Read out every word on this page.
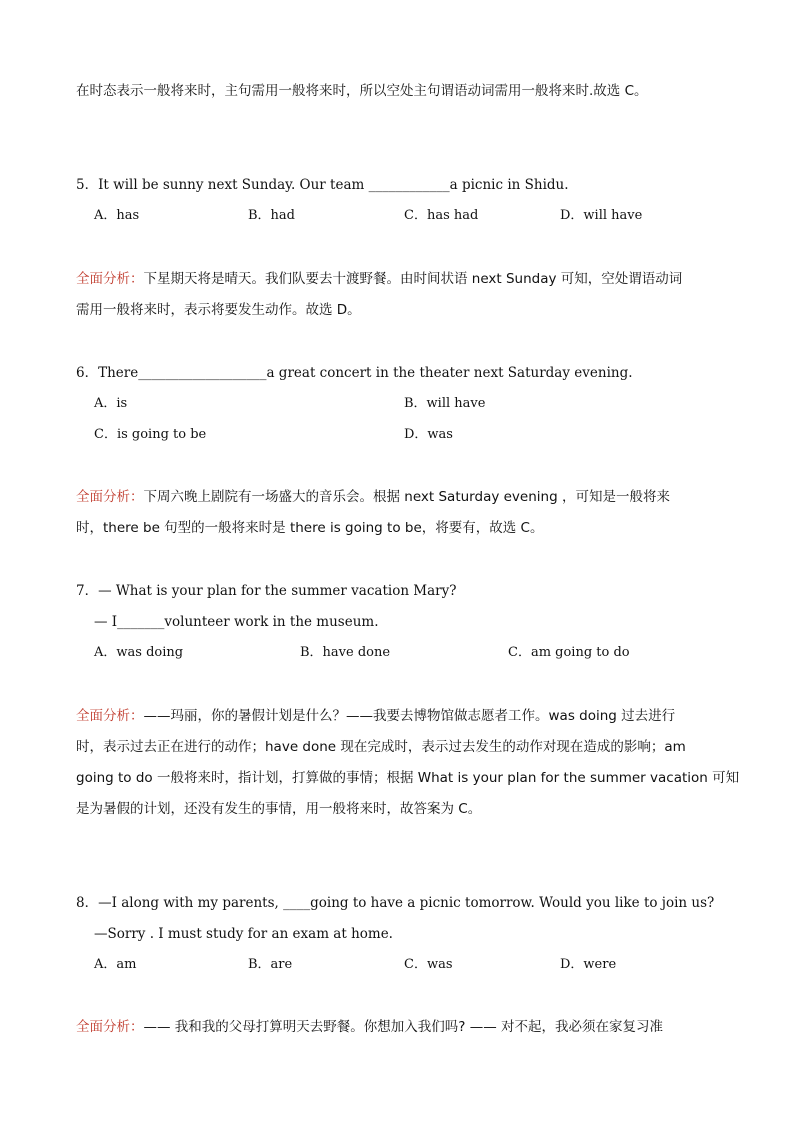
在时态表示一般将来时，主句需用一般将来时，所以空处主句谓语动词需用一般将来时.故选 C。
5．It will be sunny next Sunday. Our team ____________a picnic in Shidu.
A．has	B．had	C．has had	D．will have
全面分析：下星期天将是晴天。我们队要去十渡野餐。由时间状语 next Sunday 可知，空处谓语动词
需用一般将来时，表示将要发生动作。故选 D。
6．There___________________a great concert in the theater next Saturday evening.
A．is	B．will have
C．is going to be	D．was
全面分析：下周六晚上剧院有一场盛大的音乐会。根据 next Saturday evening ，可知是一般将来
时，there be 句型的一般将来时是 there is going to be，将要有，故选 C。
7．— What is your plan for the summer vacation Mary?
— I_______volunteer work in the museum.
A．was doing	B．have done	C．am going to do
全面分析：——玛丽，你的暑假计划是什么？——我要去博物馆做志愿者工作。was doing 过去进行
时，表示过去正在进行的动作；have done 现在完成时，表示过去发生的动作对现在造成的影响；am
going to do 一般将来时，指计划，打算做的事情；根据 What is your plan for the summer vacation 可知
是为暑假的计划，还没有发生的事情，用一般将来时，故答案为 C。
8．—I along with my parents, ____going to have a picnic tomorrow. Would you like to join us?
—Sorry . I must study for an exam at home.
A．am	B．are	C．was	D．were
全面分析：—— 我和我的父母打算明天去野餐。你想加入我们吗? —— 对不起，我必须在家复习准
